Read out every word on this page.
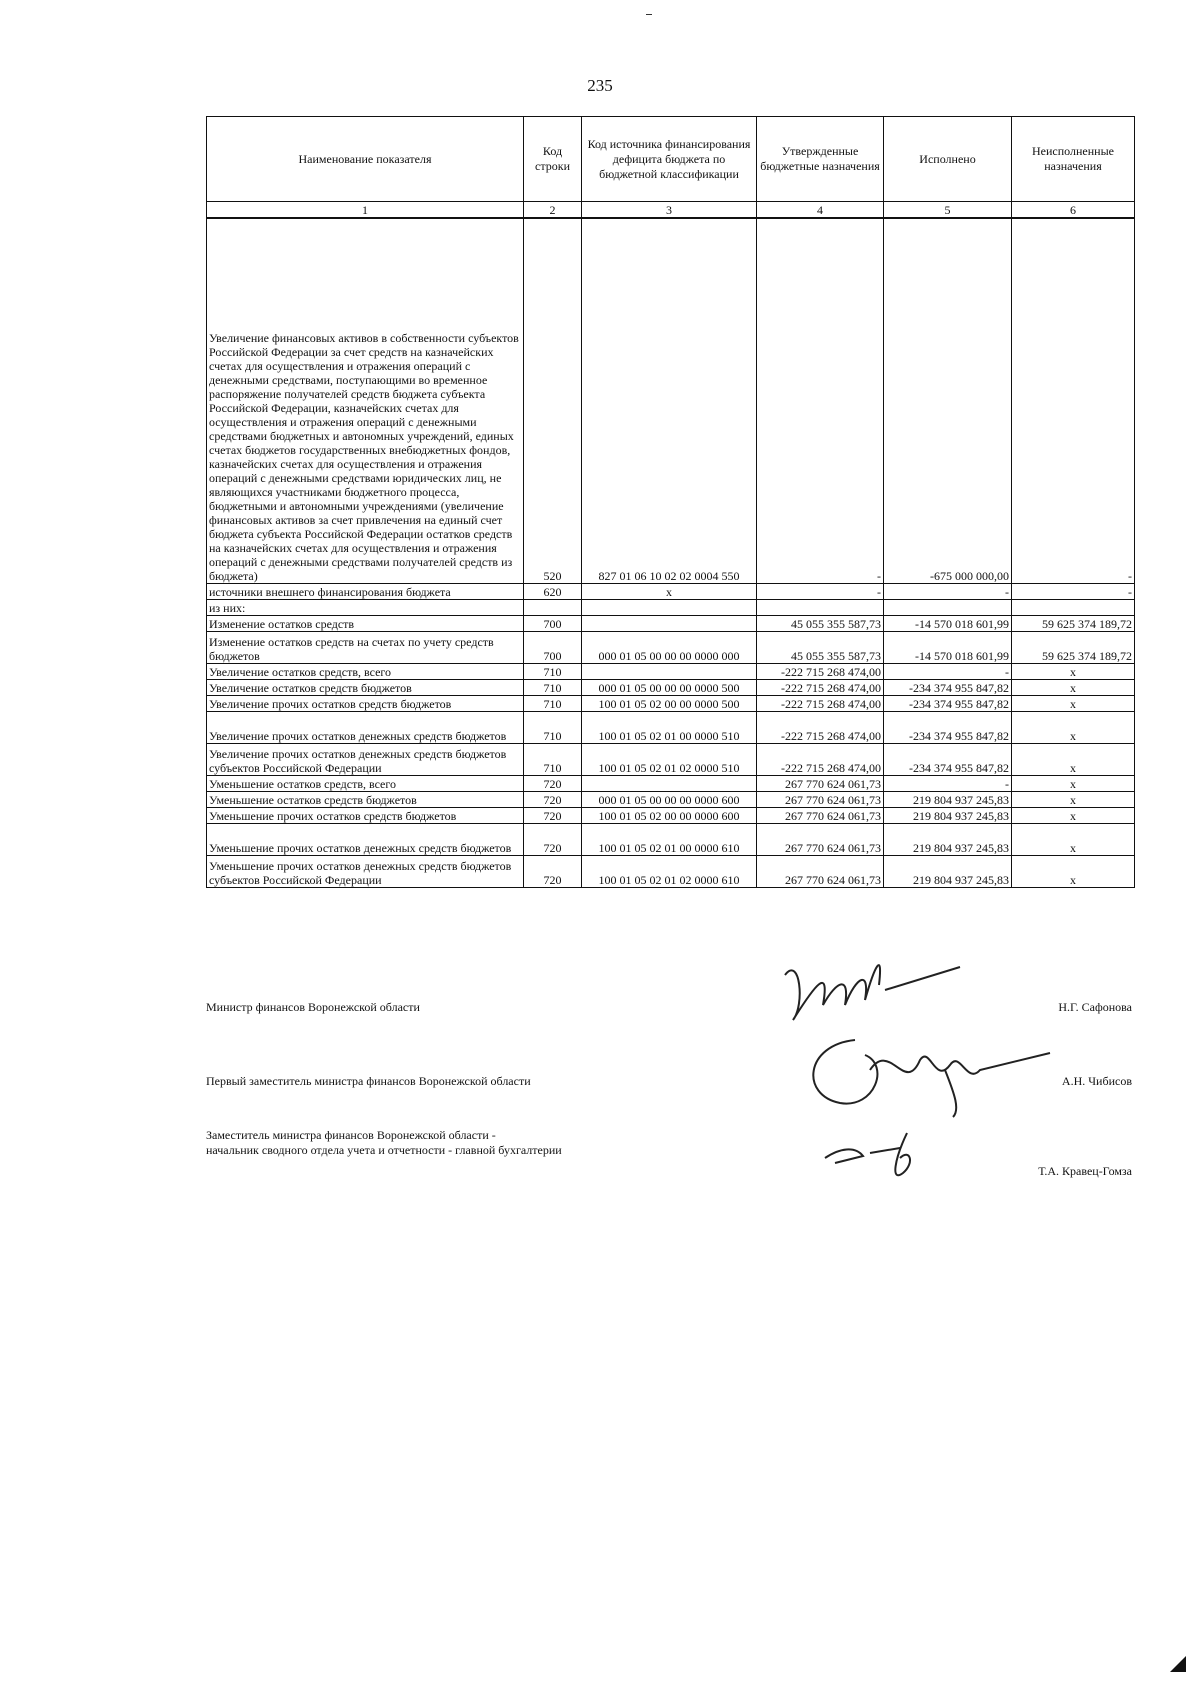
235
Наименование показателя	Код строки	Код источника финансирования дефицита бюджета по бюджетной классификации	Утвержденные бюджетные назначения	Исполнено	Неисполненные назначения
1	2	3	4	5	6
Увеличение финансовых активов в собственности субъектов Российской Федерации за счет средств на казначейских счетах для осуществления и отражения операций с денежными средствами, поступающими во временное распоряжение получателей средств бюджета субъекта Российской Федерации, казначейских счетах для осуществления и отражения операций с денежными средствами бюджетных и автономных учреждений, единых счетах бюджетов государственных внебюджетных фондов, казначейских счетах для осуществления и отражения операций с денежными средствами юридических лиц, не являющихся участниками бюджетного процесса, бюджетными и автономными учреждениями (увеличение финансовых активов за счет привлечения на единый счет бюджета субъекта Российской Федерации остатков средств на казначейских счетах для осуществления и отражения операций с денежными средствами получателей средств из бюджета)	520	827 01 06 10 02 02 0004 550	-	-675 000 000,00	-
источники внешнего финансирования бюджета	620	x	-	-	-
из них:					
Изменение остатков средств	700		45 055 355 587,73	-14 570 018 601,99	59 625 374 189,72
Изменение остатков средств на счетах по учету средств бюджетов	700	000 01 05 00 00 00 0000 000	45 055 355 587,73	-14 570 018 601,99	59 625 374 189,72
Увеличение остатков средств, всего	710		-222 715 268 474,00	-	x
Увеличение остатков средств бюджетов	710	000 01 05 00 00 00 0000 500	-222 715 268 474,00	-234 374 955 847,82	x
Увеличение прочих остатков средств бюджетов	710	100 01 05 02 00 00 0000 500	-222 715 268 474,00	-234 374 955 847,82	x
Увеличение прочих остатков денежных средств бюджетов	710	100 01 05 02 01 00 0000 510	-222 715 268 474,00	-234 374 955 847,82	x
Увеличение прочих остатков денежных средств бюджетов субъектов Российской Федерации	710	100 01 05 02 01 02 0000 510	-222 715 268 474,00	-234 374 955 847,82	x
Уменьшение остатков средств, всего	720		267 770 624 061,73	-	x
Уменьшение остатков средств бюджетов	720	000 01 05 00 00 00 0000 600	267 770 624 061,73	219 804 937 245,83	x
Уменьшение прочих остатков средств бюджетов	720	100 01 05 02 00 00 0000 600	267 770 624 061,73	219 804 937 245,83	x
Уменьшение прочих остатков денежных средств бюджетов	720	100 01 05 02 01 00 0000 610	267 770 624 061,73	219 804 937 245,83	x
Уменьшение прочих остатков денежных средств бюджетов субъектов Российской Федерации	720	100 01 05 02 01 02 0000 610	267 770 624 061,73	219 804 937 245,83	x
Министр финансов Воронежской области	Н.Г. Сафонова
Первый заместитель министра финансов Воронежской области	А.Н. Чибисов
Заместитель министра финансов Воронежской области -
начальник сводного отдела учета и отчетности - главной бухгалтерии
Т.А. Кравец-Гомза
